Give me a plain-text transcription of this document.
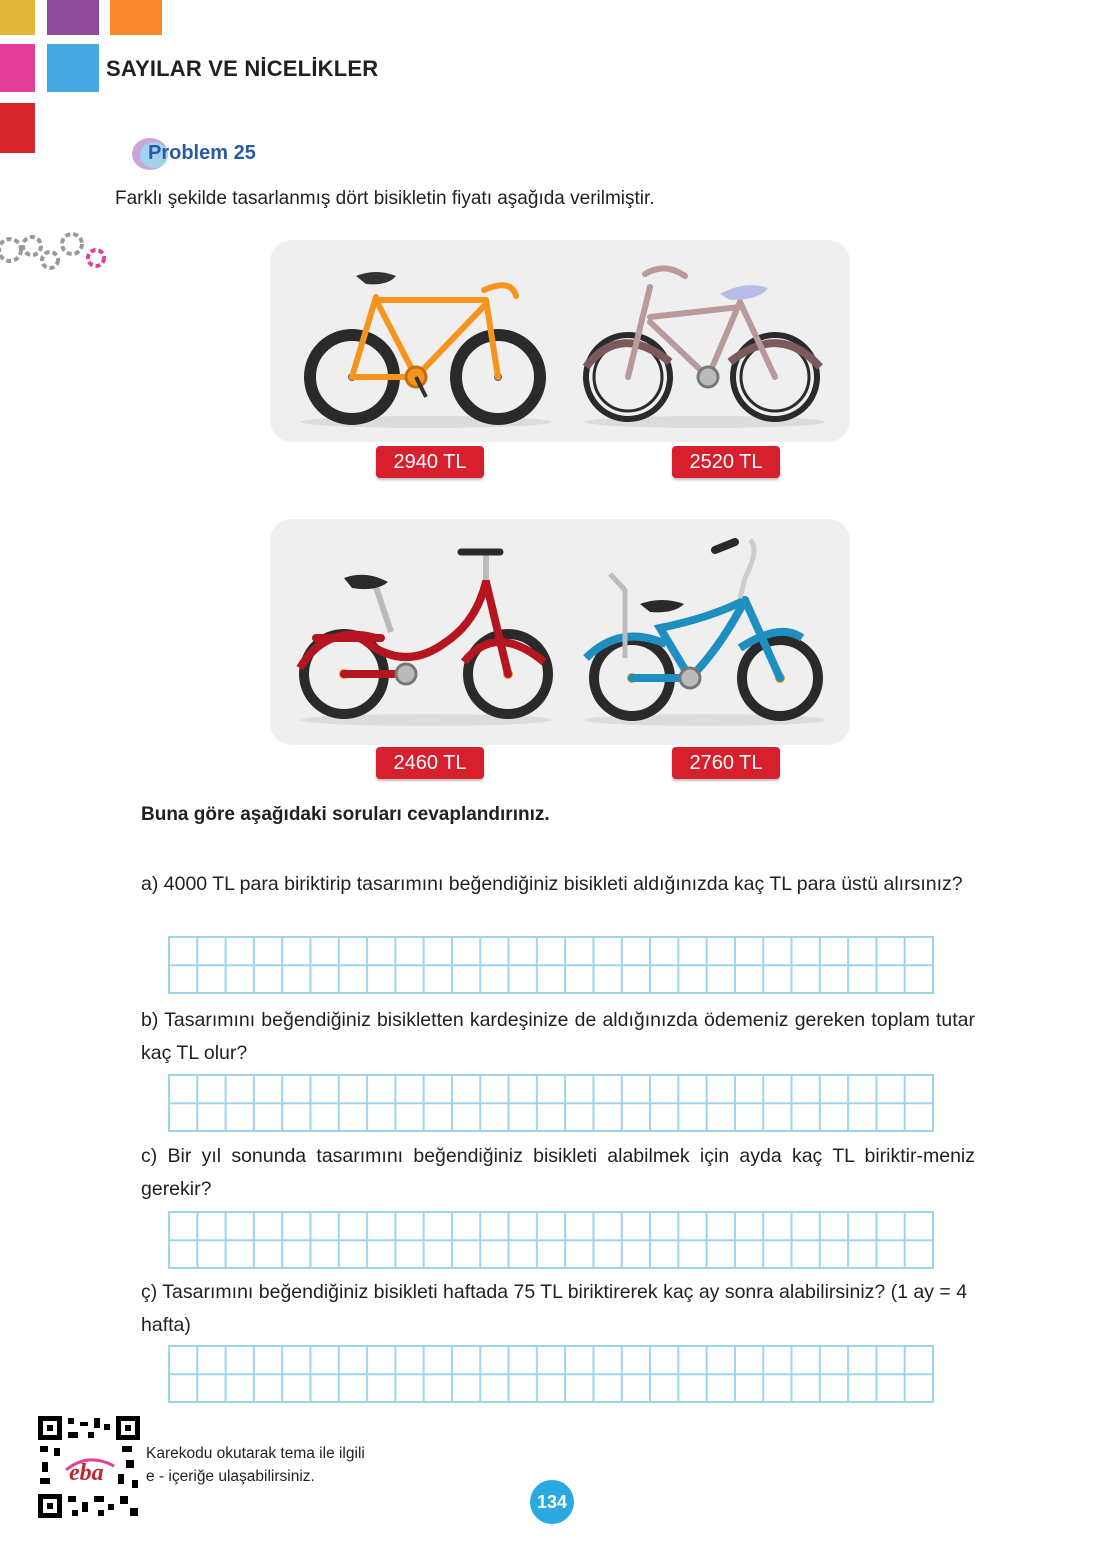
SAYILAR VE NİCELİKLER
Problem 25
Farklı şekilde tasarlanmış dört bisikletin fiyatı aşağıda verilmiştir.
2940 TL	2520 TL
2460 TL	2760 TL
Buna göre aşağıdaki soruları cevaplandırınız.
a) 4000 TL para biriktirip tasarımını beğendiğiniz bisikleti aldığınızda kaç TL para üstü alırsınız?
b) Tasarımını beğendiğiniz bisikletten kardeşinize de aldığınızda ödemeniz gereken toplam tutar kaç TL olur?
c) Bir yıl sonunda tasarımını beğendiğiniz bisikleti alabilmek için ayda kaç TL biriktir-meniz gerekir?
ç) Tasarımını beğendiğiniz bisikleti haftada 75 TL biriktirerek kaç ay sonra alabilirsiniz? (1 ay = 4 hafta)
eba
Karekodu okutarak tema ile ilgili
e - içeriğe ulaşabilirsiniz.
134
